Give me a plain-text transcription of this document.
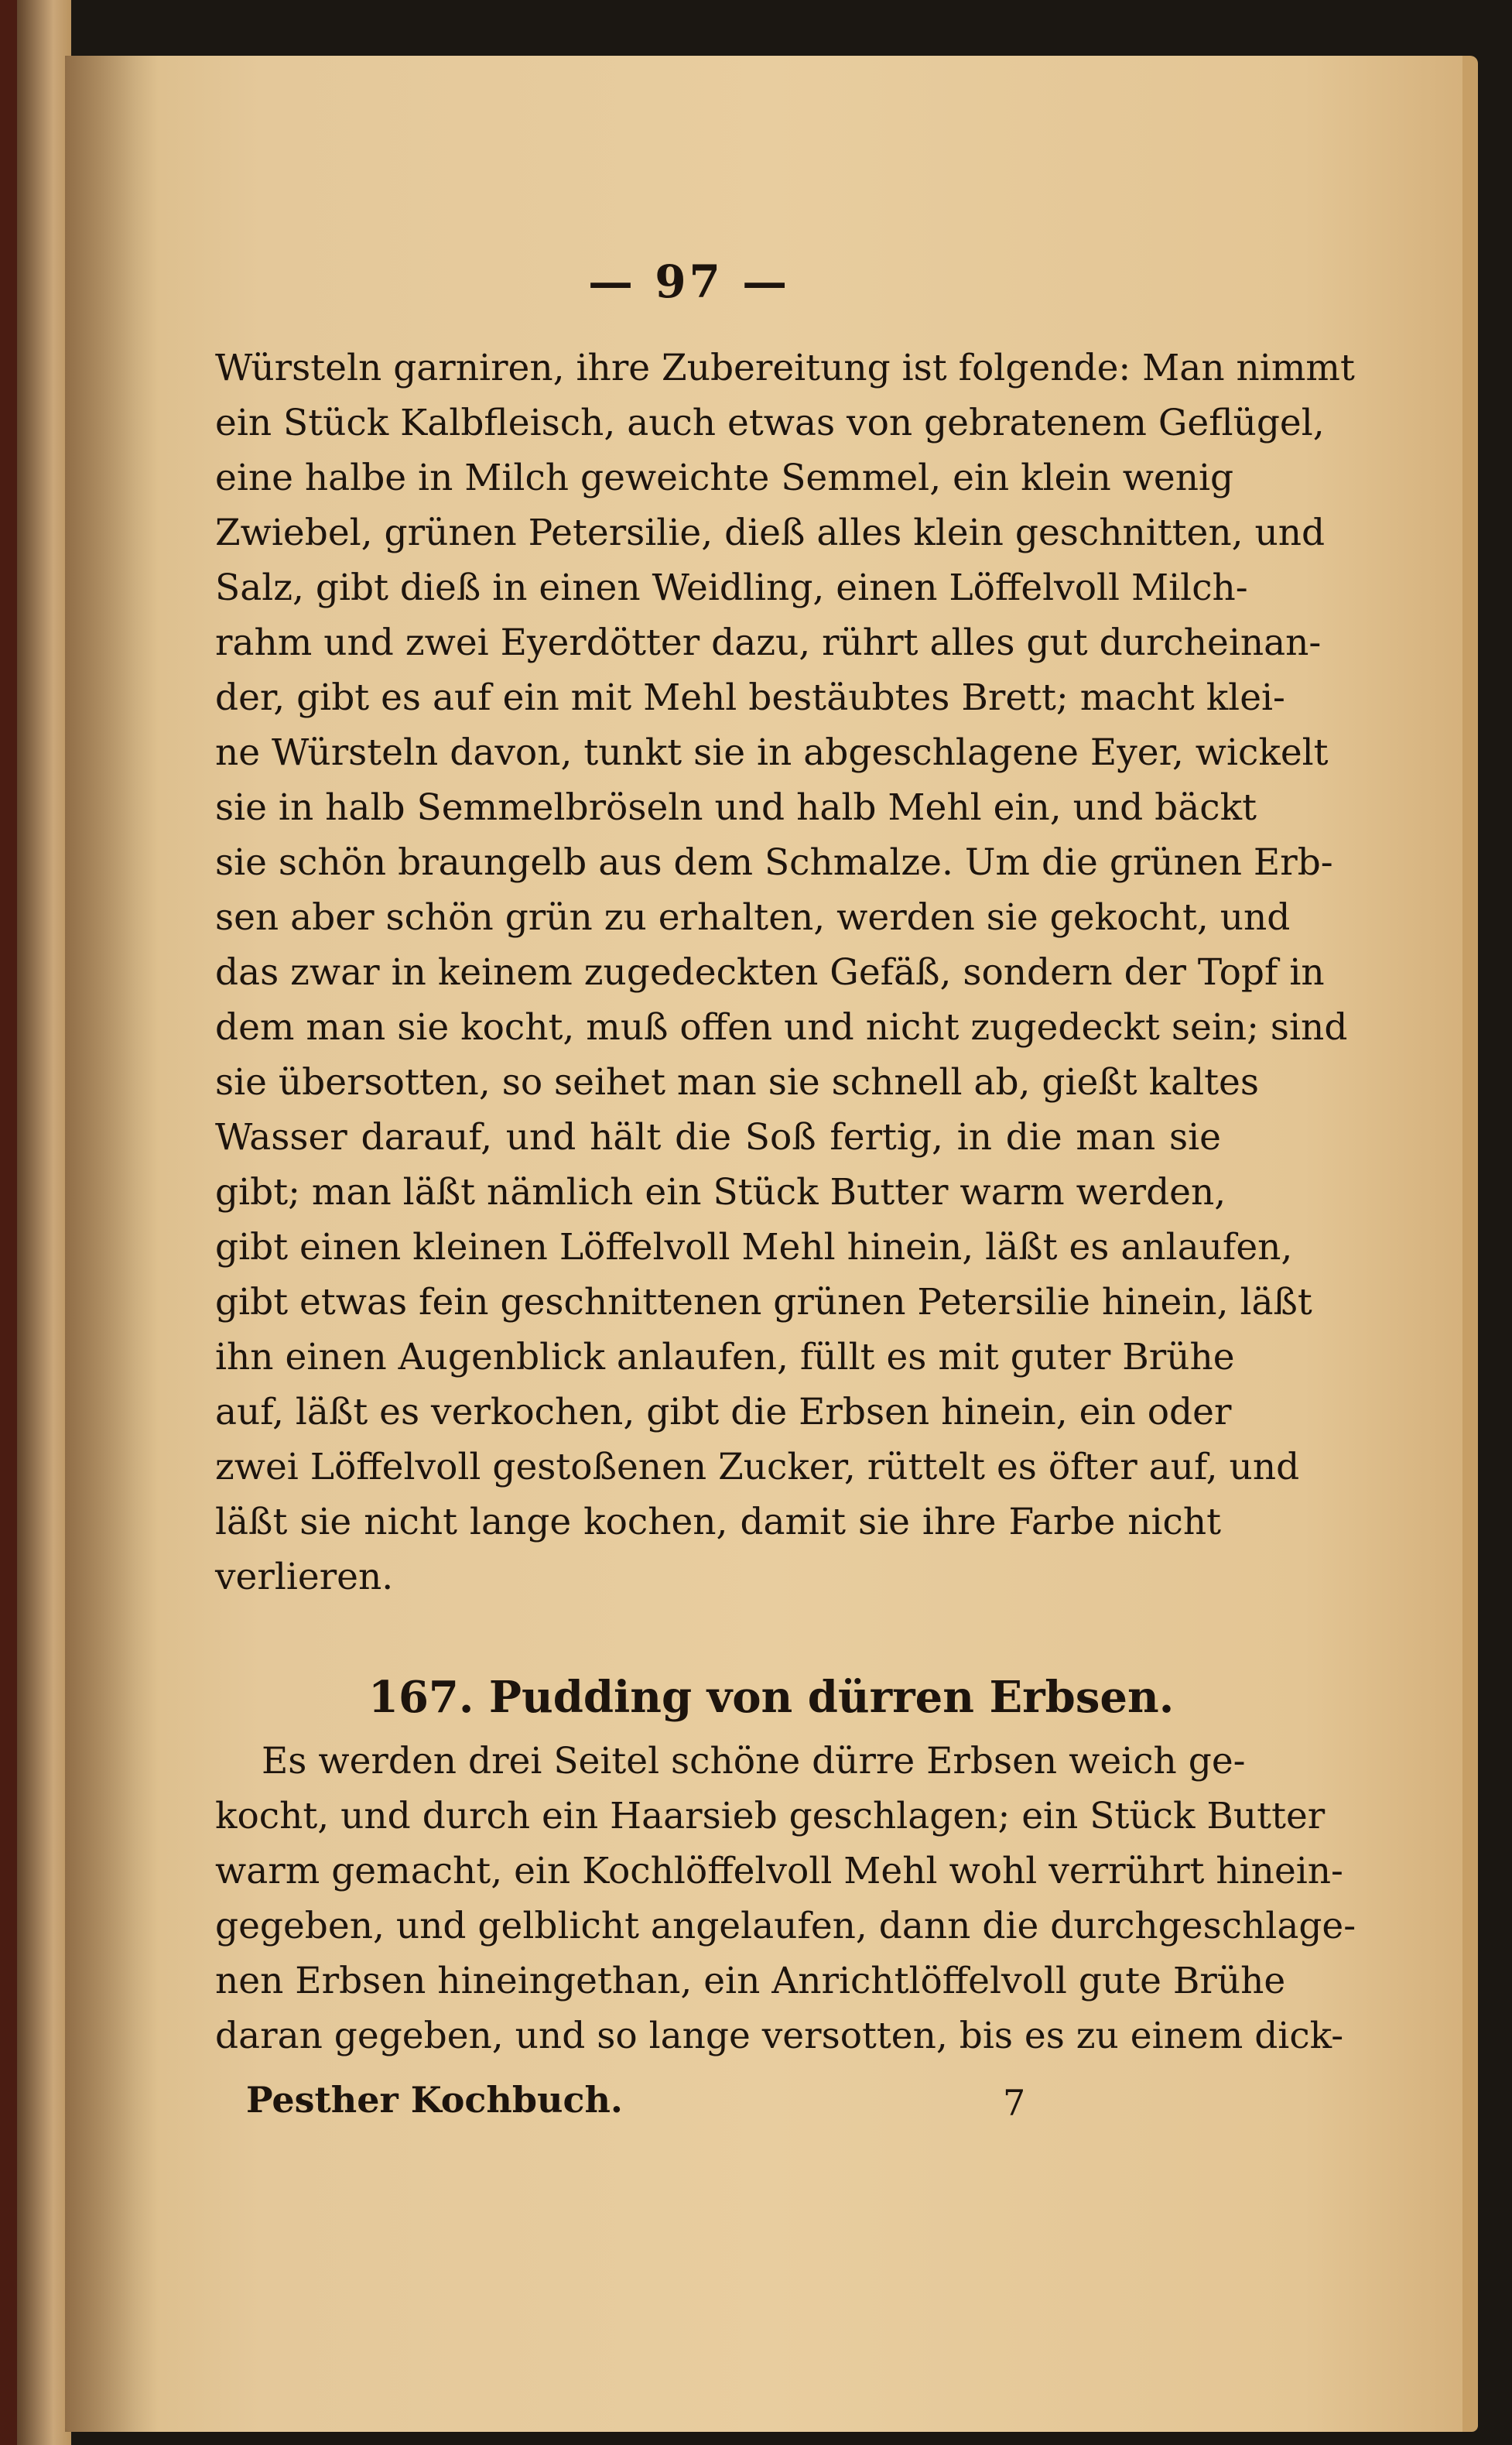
— 97 —
Würsteln garniren, ihre Zubereitung ist folgende: Man nimmt
ein Stück Kalbfleisch, auch etwas von gebratenem Geflügel,
eine halbe in Milch geweichte Semmel, ein klein wenig
Zwiebel, grünen Petersilie, dieß alles klein geschnitten, und
Salz, gibt dieß in einen Weidling, einen Löffelvoll Milch-
rahm und zwei Eyerdötter dazu, rührt alles gut durcheinan-
der, gibt es auf ein mit Mehl bestäubtes Brett; macht klei-
ne Würsteln davon, tunkt sie in abgeschlagene Eyer, wickelt
sie in halb Semmelbröseln und halb Mehl ein, und bäckt
sie schön braungelb aus dem Schmalze. Um die grünen Erb-
sen aber schön grün zu erhalten, werden sie gekocht, und
das zwar in keinem zugedeckten Gefäß, sondern der Topf in
dem man sie kocht, muß offen und nicht zugedeckt sein; sind
sie übersotten, so seihet man sie schnell ab, gießt kaltes
Wasser darauf, und hält die Soß fertig, in die man sie
gibt; man läßt nämlich ein Stück Butter warm werden,
gibt einen kleinen Löffelvoll Mehl hinein, läßt es anlaufen,
gibt etwas fein geschnittenen grünen Petersilie hinein, läßt
ihn einen Augenblick anlaufen, füllt es mit guter Brühe
auf, läßt es verkochen, gibt die Erbsen hinein, ein oder
zwei Löffelvoll gestoßenen Zucker, rüttelt es öfter auf, und
läßt sie nicht lange kochen, damit sie ihre Farbe nicht
verlieren.
167. Pudding von dürren Erbsen.
Es werden drei Seitel schöne dürre Erbsen weich ge-
kocht, und durch ein Haarsieb geschlagen; ein Stück Butter
warm gemacht, ein Kochlöffelvoll Mehl wohl verrührt hinein-
gegeben, und gelblicht angelaufen, dann die durchgeschlage-
nen Erbsen hineingethan, ein Anrichtlöffelvoll gute Brühe
daran gegeben, und so lange versotten, bis es zu einem dick-
Pesther Kochbuch.	7
